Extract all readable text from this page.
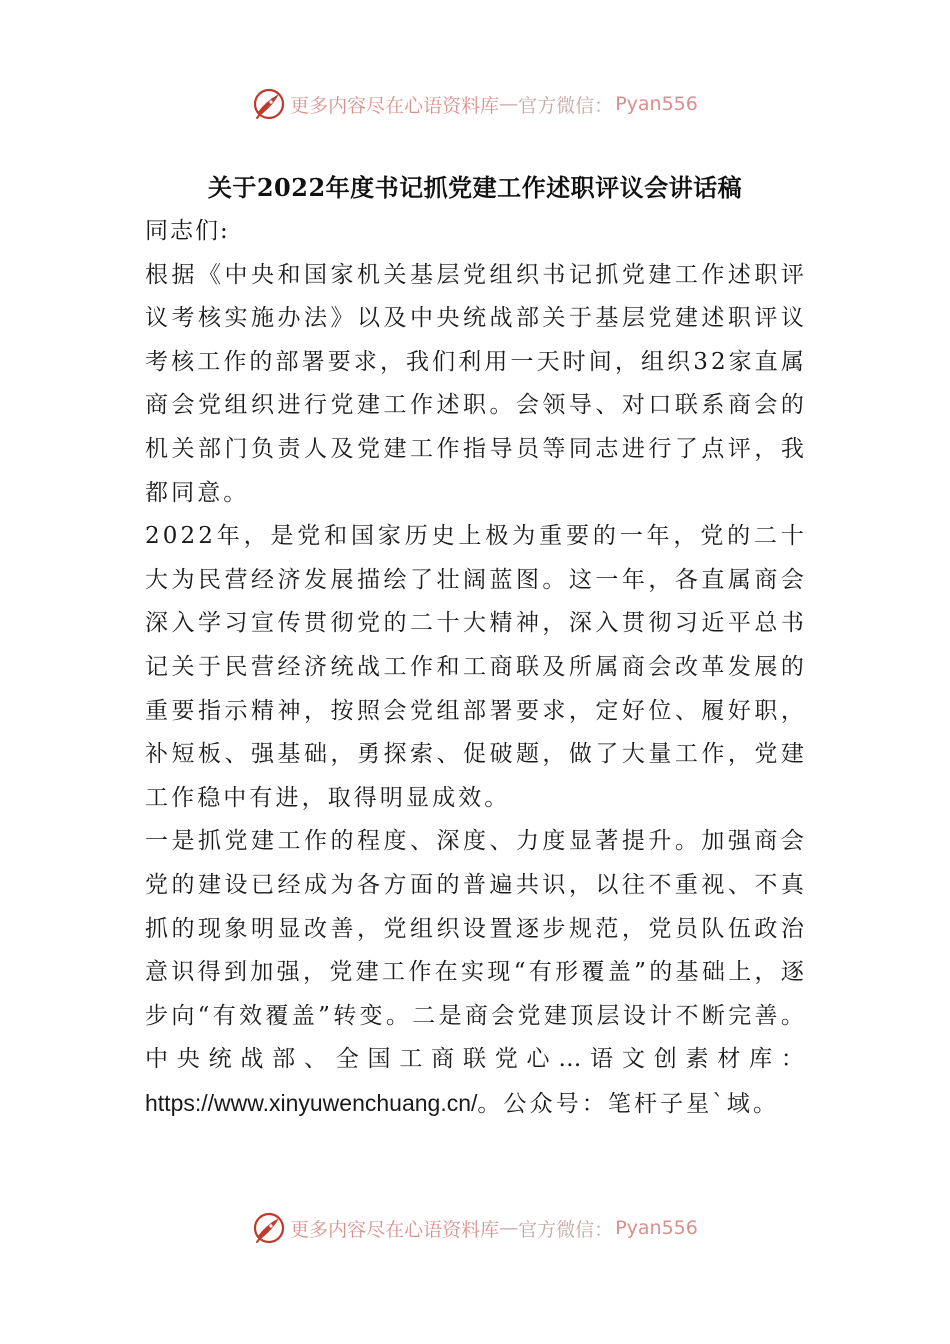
更多内容尽在心语资料库 — 官方微信： Pyan556
关于2022年度书记抓党建工作述职评议会讲话稿

同志们:

根据《中央和国家机关基层党组织书记抓党建工作述职评议考核实施办法》以及中央统战部关于基层党建述职评议考核工作的部署要求，我们利用一天时间，组织32家直属商会党组织进行党建工作述职。会领导、对口联系商会的机关部门负责人及党建工作指导员等同志进行了点评，我都同意。

2022年，是党和国家历史上极为重要的一年，党的二十大为民营经济发展描绘了壮阔蓝图。这一年，各直属商会深入学习宣传贯彻党的二十大精神，深入贯彻习近平总书记关于民营经济统战工作和工商联及所属商会改革发展的重要指示精神，按照会党组部署要求，定好位、履好职，补短板、强基础，勇探索、促破题，做了大量工作，党建工作稳中有进，取得明显成效。

一是抓党建工作的程度、深度、力度显著提升。加强商会党的建设已经成为各方面的普遍共识，以往不重视、不真抓的现象明显改善，党组织设置逐步规范，党员队伍政治意识得到加强，党建工作在实现“有形覆盖”的基础上，逐步向“有效覆盖”转变。二是商会党建顶层设计不断完善。中央统战部、全国工商联党心…语文创素材库：https://www.xinyuwenchuang.cn/。公众号：笔杆子星`域。

更多内容尽在心语资料库 — 官方微信： Pyan556
